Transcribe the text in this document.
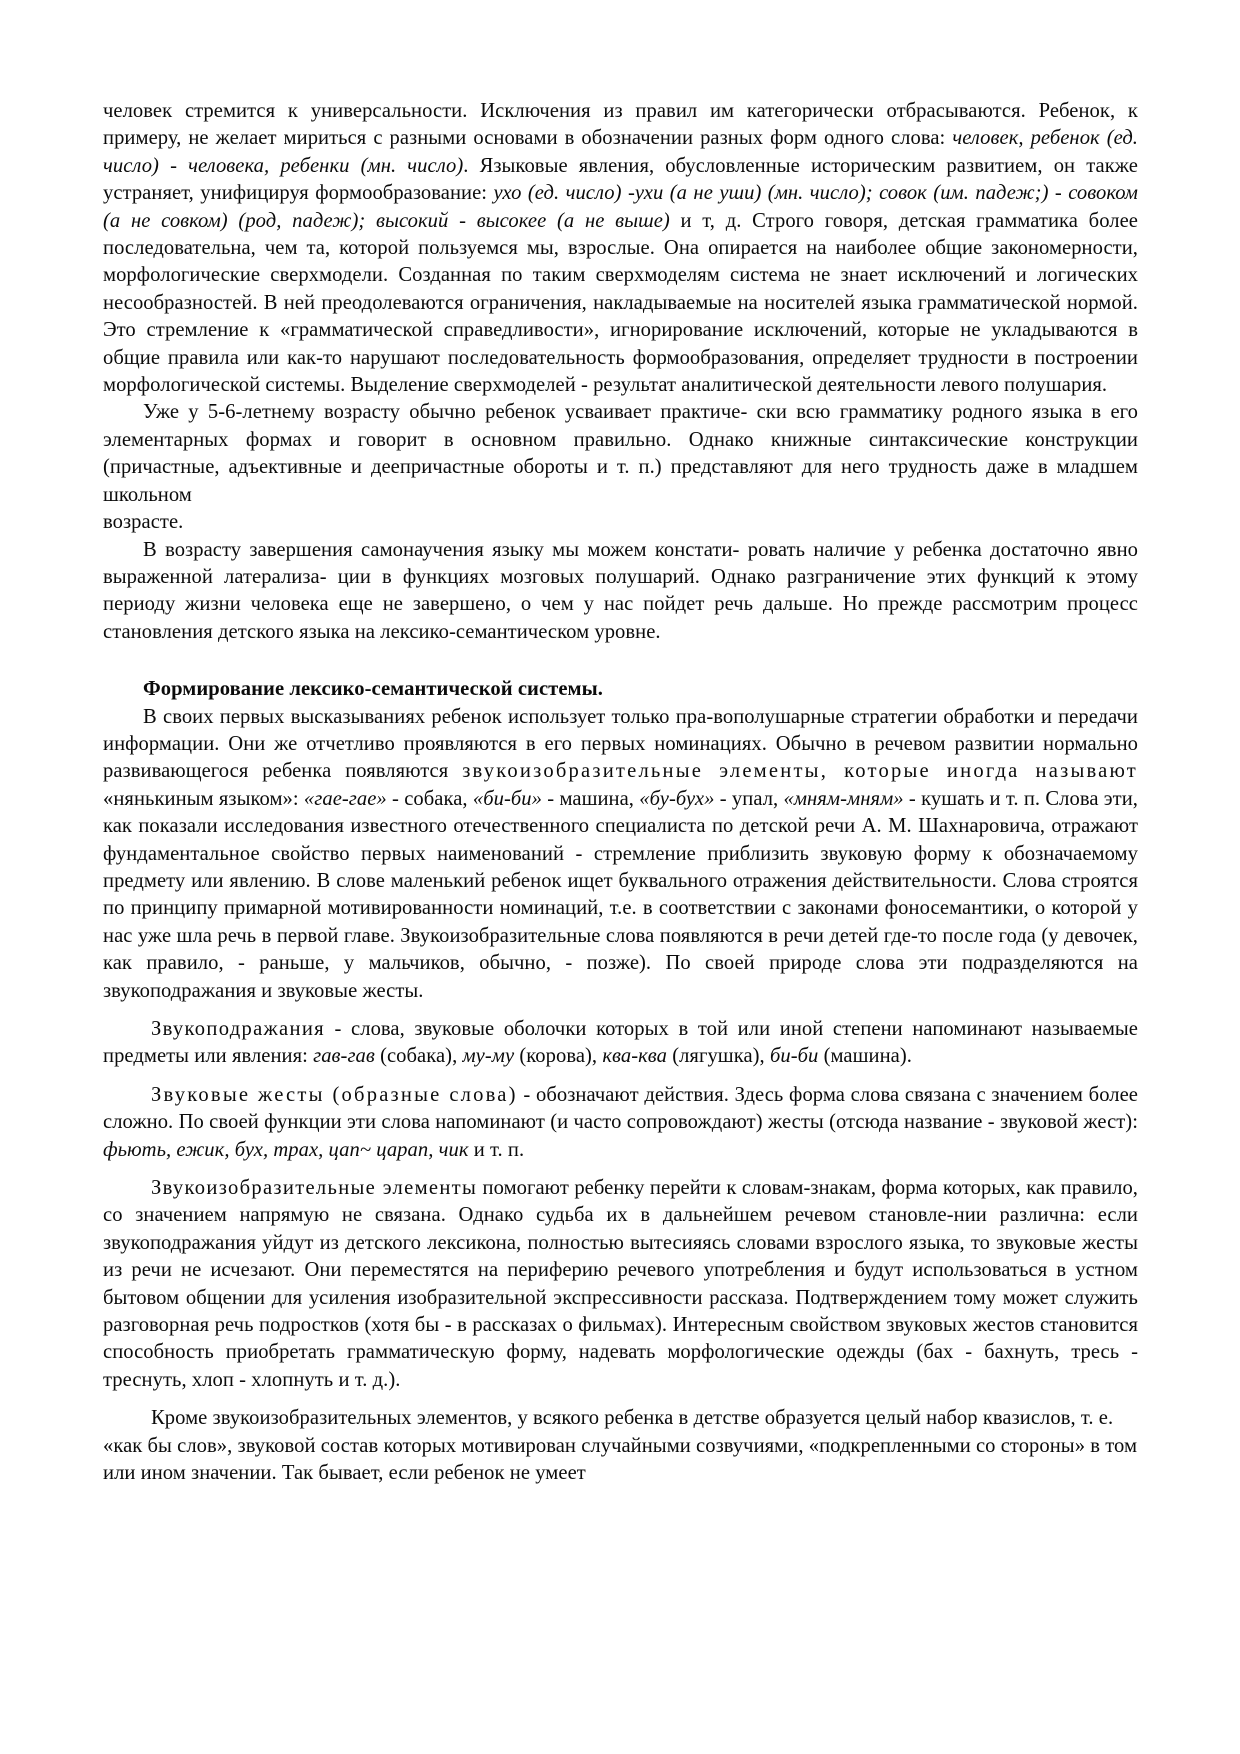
человек стремится к универсальности. Исключения из правил им категорически отбрасываются. Ребенок, к примеру, не желает мириться с разными основами в обозначении разных форм одного слова: человек, ребенок (ед. число) - человека, ребенки (мн. число). Языковые явления, обусловленные историческим развитием, он также устраняет, унифицируя формообразование: ухо (ед. число) -ухи (а не уши) (мн. число); совок (им. падеж;) - совоком (а не совком) (род, падеж); высокий - высокее (а не выше) и т, д. Строго говоря, детская грамматика более последовательна, чем та, которой пользуемся мы, взрослые. Она опирается на наиболее общие закономерности, морфологические сверхмодели. Созданная по таким сверхмоделям система не знает исключений и логических несообразностей. В ней преодолеваются ограничения, накладываемые на носителей языка грамматической нормой. Это стремление к «грамматической справедливости», игнорирование исключений, которые не укладываются в общие правила или как-то нарушают последовательность формообразования, определяет трудности в построении морфологической системы. Выделение сверхмоделей - результат аналитической деятельности левого полушария.

Уже у 5-6-летнему возрасту обычно ребенок усваивает практиче- ски всю грамматику родного языка в его элементарных формах и говорит в основном правильно. Однако книжные синтаксические конструкции (причастные, адъективные и деепричастные обороты и т. п.) представляют для него трудность даже в младшем школьном

возрасте.

В возрасту завершения самонаучения языку мы можем констати- ровать наличие у ребенка достаточно явно выраженной латерализа- ции в функциях мозговых полушарий. Однако разграничение этих функций к этому периоду жизни человека еще не завершено, о чем у нас пойдет речь дальше. Но прежде рассмотрим процесс становления детского языка на лексико-семантическом уровне.

Формирование лексико-семантической системы.

В своих первых высказываниях ребенок использует только пра-вополушарные стратегии обработки и передачи информации. Они же отчетливо проявляются в его первых номинациях. Обычно в речевом развитии нормально развивающегося ребенка появляются звукоизобразительные элементы, которые иногда называют «нянькиным языком»: «гае-гае» - собака, «би-би» - машина, «бу-бух» - упал, «мням-мням» - кушать и т. п. Слова эти, как показали исследования известного отечественного специалиста по детской речи А. М. Шахнаровича, отражают фундаментальное свойство первых наименований - стремление приблизить звуковую форму к обозначаемому предмету или явлению. В слове маленький ребенок ищет буквального отражения действительности. Слова строятся по принципу примарной мотивированности номинаций, т.е. в соответствии с законами фоносемантики, о которой у нас уже шла речь в первой главе. Звукоизобразительные слова появляются в речи детей где-то после года (у девочек, как правило, - раньше, у мальчиков, обычно, - позже). По своей природе слова эти подразделяются на звукоподражания и звуковые жесты.

Звукоподражания - слова, звуковые оболочки которых в той или иной степени напоминают называемые предметы или явления: гав-гав (собака), му-му (корова), ква-ква (лягушка), би-би (машина).

Звуковые жесты (образные слова) - обозначают действия. Здесь форма слова связана с значением более сложно. По своей функции эти слова напоминают (и часто сопровождают) жесты (отсюда название - звуковой жест): фьють, ежик, бух, трах, цап~ царап, чик и т. п.

Звукоизобразительные элементы помогают ребенку перейти к словам-знакам, форма которых, как правило, со значением напрямую не связана. Однако судьба их в дальнейшем речевом становле-нии различна: если звукоподражания уйдут из детского лексикона, полностью вытесияясь словами взрослого языка, то звуковые жесты из речи не исчезают. Они переместятся на периферию речевого употребления и будут использоваться в устном бытовом общении для усиления изобразительной экспрессивности рассказа. Подтверждением тому может служить разговорная речь подростков (хотя бы - в рассказах о фильмах). Интересным свойством звуковых жестов становится способность приобретать грамматическую форму, надевать морфологические одежды (бах - бахнуть, тресь - треснуть, хлоп - хлопнуть и т. д.).

Кроме звукоизобразительных элементов, у всякого ребенка в детстве образуется целый набор квазислов, т. е. «как бы слов», звуковой состав которых мотивирован случайными созвучиями, «подкрепленными со стороны» в том или ином значении. Так бывает, если ребенок не умеет
